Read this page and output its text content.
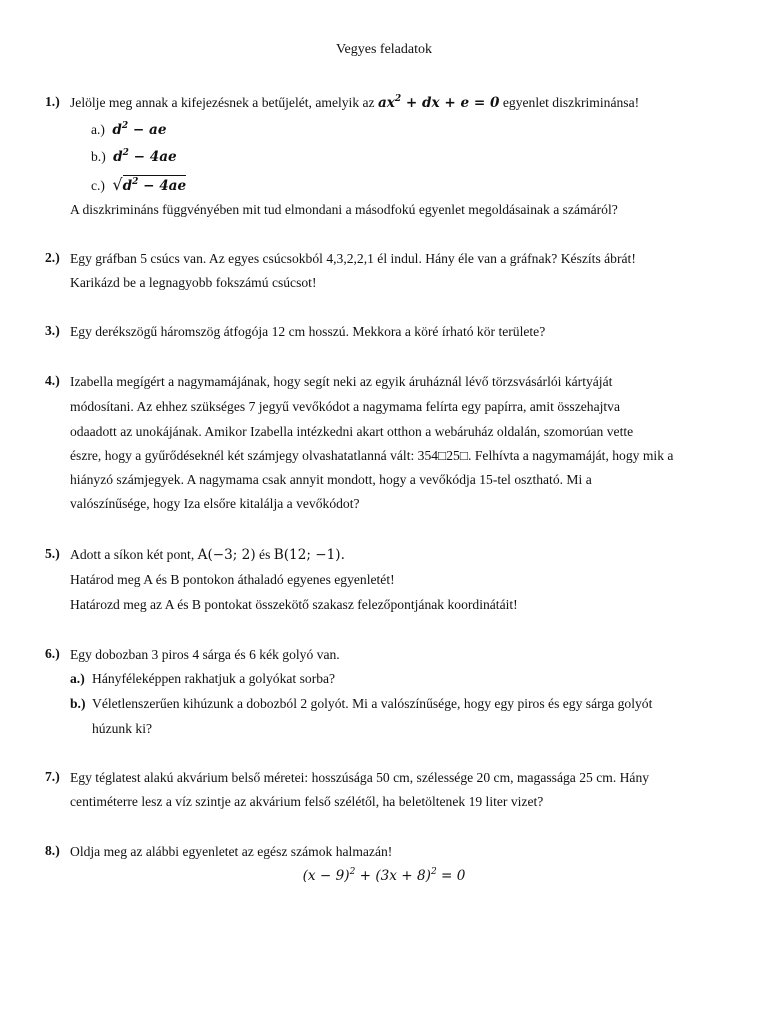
Vegyes feladatok
1.) Jelölje meg annak a kifejezésnek a betűjelét, amelyik az $ax^2$ + dx + e = 0 egyenlet diszkriminánsa!
a.) $d^2$ − ae
b.) $d^2 - 4ae$
c.) $√d^2 - 4ae$
A diszkrimináns függvényében mit tud elmondani a másodfokú egyenlet megoldásainak a számáról?
2.) Egy gráfban 5 csúcs van. Az egyes csúcsokból 4,3,2,2,1 él indul. Hány éle van a gráfnak? Készíts ábrát!
Karikázd be a legnagyobb fokszámú csúcsot!
3.) Egy derékszögű háromszög átfogója 12 cm hosszú. Mekkora a köré írható kör területe?
4.) Izabella megígért a nagymamájának, hogy segít neki az egyik áruháznál lévő törzsvásárlói kártyáját
módosítani. Az ehhez szükséges 7 jegyű vevőkódot a nagymama felírta egy papírra, amit összehajtva
odaadott az unokájának. Amikor Izabella intézkedni akart otthon a webáruház oldalán, szomorúan vette
észre, hogy a gyűrődéseknél két számjegy olvashatatlanná vált: 354□25□. Felhívta a nagymamáját, hogy mik a
hiányzó számjegyek. A nagymama csak annyit mondott, hogy a vevőkódja 15-tel osztható. Mi a
valószínűsége, hogy Iza elsőre kitalálja a vevőkódot?
5.) Adott a síkon két pont, A(−3; 2) és B(12; −1).
Határod meg A és B pontokon áthaladó egyenes egyenletét!
Határozd meg az A és B pontokat összekötő szakasz felezőpontjának koordinátáit!
6.) Egy dobozban 3 piros 4 sárga és 6 kék golyó van.
a.) Hányféleképpen rakhatjuk a golyókat sorba?
b.) Véletlenszerűen kihúzunk a dobozból 2 golyót. Mi a valószínűsége, hogy egy piros és egy sárga golyót
húzunk ki?
7.) Egy téglatest alakú akvárium belső méretei: hosszúsága 50 cm, szélessége 20 cm, magassága 25 cm. Hány
centiméterre lesz a víz szintje az akvárium felső szélétől, ha beletöltenek 19 liter vizet?
8.) Oldja meg az alábbi egyenletet az egész számok halmazán!
$(x - 9)^2 + (3x + 8)^2 = 0$
